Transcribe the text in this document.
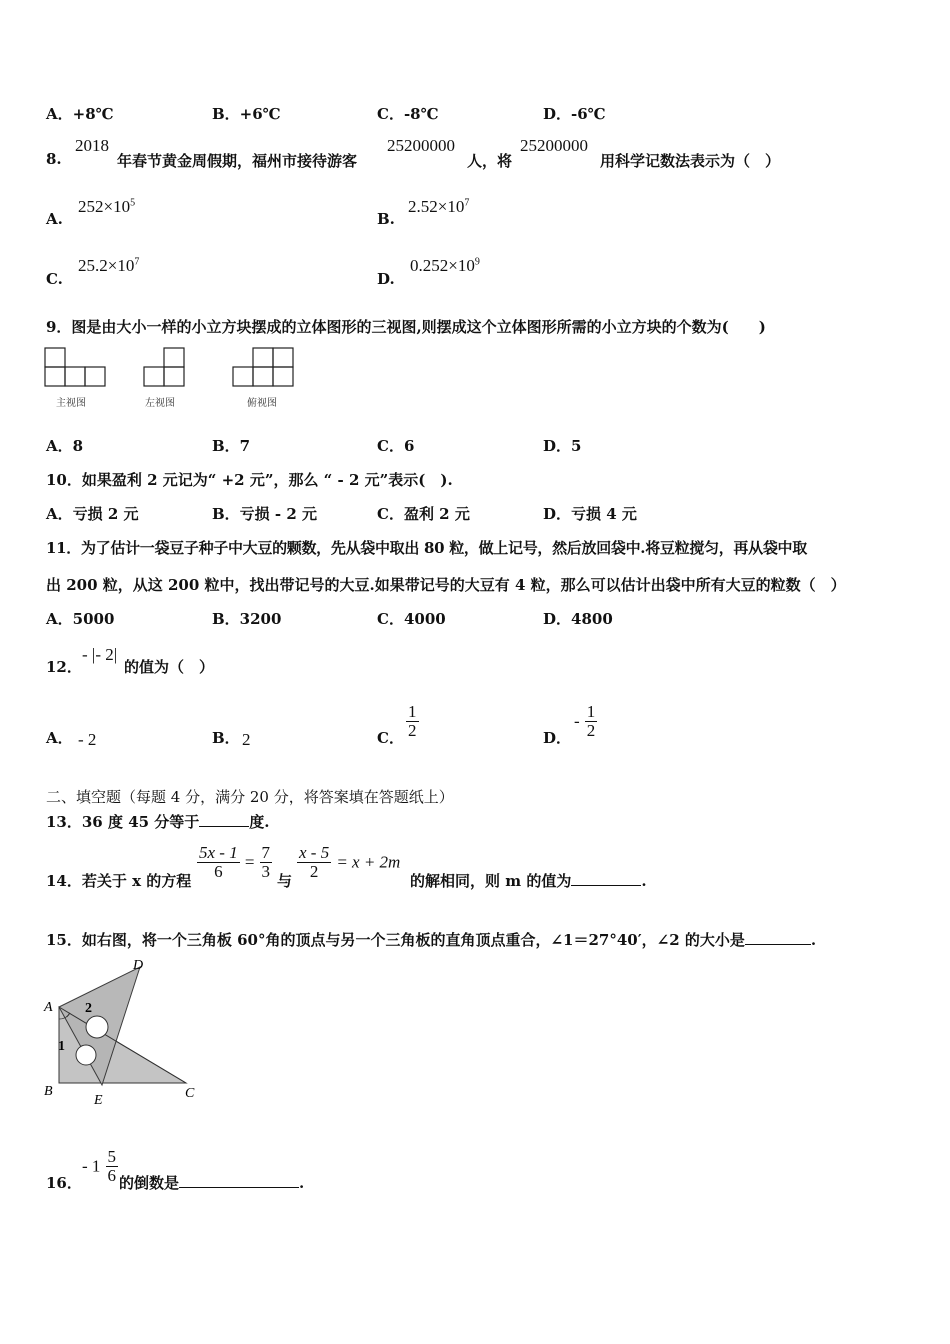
A．+8℃	B．+6℃	C．-8℃	D．-6℃
8.
2018
年春节黄金周假期，福州市接待游客
25200000
人，将
25200000
用科学记数法表示为（　）
A.
$252\times 10^5$
B.
$2.52\times 10^7$
C.
$25.2\times 10^7$
D.
$0.252\times 10^9$
9．图是由大小一样的小立方块摆成的立体图形的三视图,则摆成这个立体图形所需的小立方块的个数为(　　)
主视图	左视图	俯视图
A．8	B．7	C．6	D．5
10．如果盈利 2 元记为“ +2 元”，那么 “ - 2 元”表示(　).
A．亏损 2 元	B．亏损 - 2 元	C．盈利 2 元	D．亏损 4 元
11．为了估计一袋豆子种子中大豆的颗数，先从袋中取出 80 粒，做上记号，然后放回袋中.将豆粒搅匀，再从袋中取
出 200 粒，从这 200 粒中，找出带记号的大豆.如果带记号的大豆有 4 粒，那么可以估计出袋中所有大豆的粒数（　）
A．5000	B．3200	C．4000	D．4800
12．
- |- 2|
的值为（　）
A． - 2	B． 2	C． $\frac{1}{2}$	D．
- $\frac{1}{2}$
二、填空题（每题 4 分，满分 20 分，将答案填在答题纸上）
13．36 度 45 分等于	度.
14．若关于 x 的方程 $\frac{5x - 1}{6} = \frac{7}{3}$ 与 $\frac{x - 5}{2} = x + 2m$
的解相同，则 m 的值为	.
15．如右图，将一个三角板 60°角的顶点与另一个三角板的直角顶点重合，∠1＝27°40′，∠2 的大小是	.
A
D
B
E	C
2
1
16．
- $1 \frac{5}{6}$ 的倒数是	.
